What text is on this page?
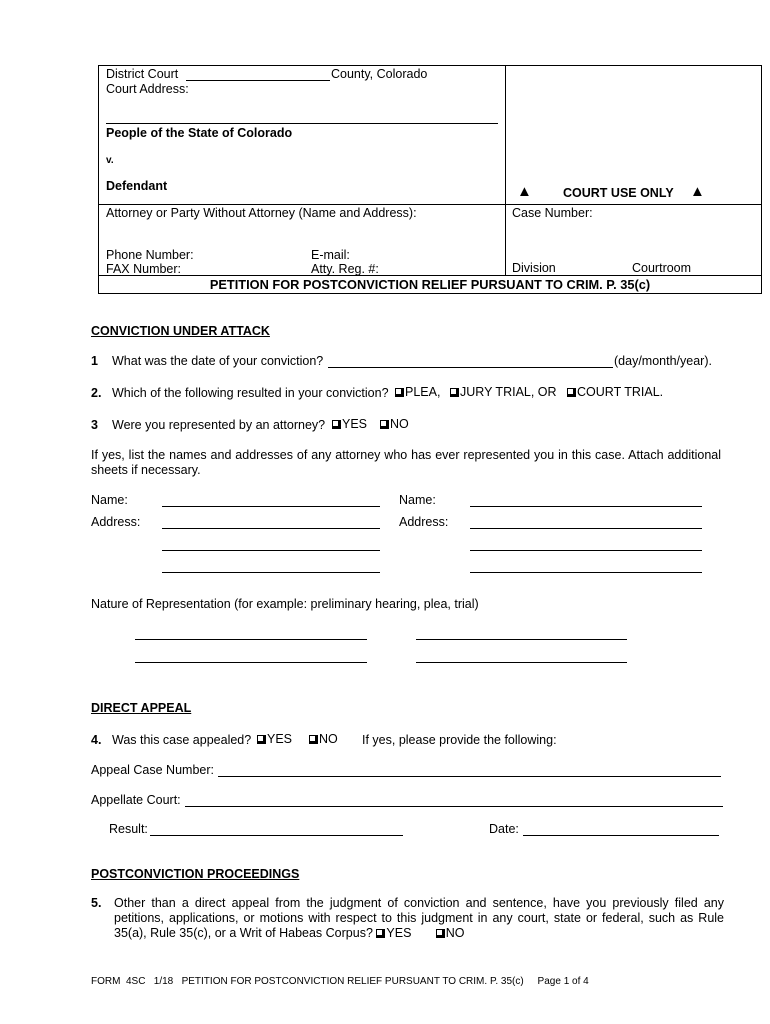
District Court	County, Colorado
Court Address:
People of the State of Colorado
v.
Defendant	▲ COURT USE ONLY ▲
Attorney or Party Without Attorney (Name and Address):	Case Number:
Phone Number:	E-mail:
FAX Number:	Atty. Reg. #:	Division	Courtroom
PETITION FOR POSTCONVICTION RELIEF PURSUANT TO CRIM. P. 35(c)
CONVICTION UNDER ATTACK
1 What was the date of your conviction?	(day/month/year).
2. Which of the following resulted in your conviction?	PLEA,	JURY TRIAL, OR	COURT TRIAL.
3 Were you represented by an attorney?	YES	NO
If yes, list the names and addresses of any attorney who has ever represented you in this case. Attach additional sheets if necessary.
Name:	Name:
Address:	Address:
Nature of Representation (for example: preliminary hearing, plea, trial)
DIRECT APPEAL
4. Was this case appealed?	YES	NO If yes, please provide the following:
Appeal Case Number:
Appellate Court:
Result:	Date:
POSTCONVICTION PROCEEDINGS
5. Other than a direct appeal from the judgment of conviction and sentence, have you previously filed any petitions, applications, or motions with respect to this judgment in any court, state or federal, such as Rule 35(a), Rule 35(c), or a Writ of Habeas Corpus? YES	NO
FORM  4SC   1/18   PETITION FOR POSTCONVICTION RELIEF PURSUANT TO CRIM. P. 35(c)     Page 1 of 4
